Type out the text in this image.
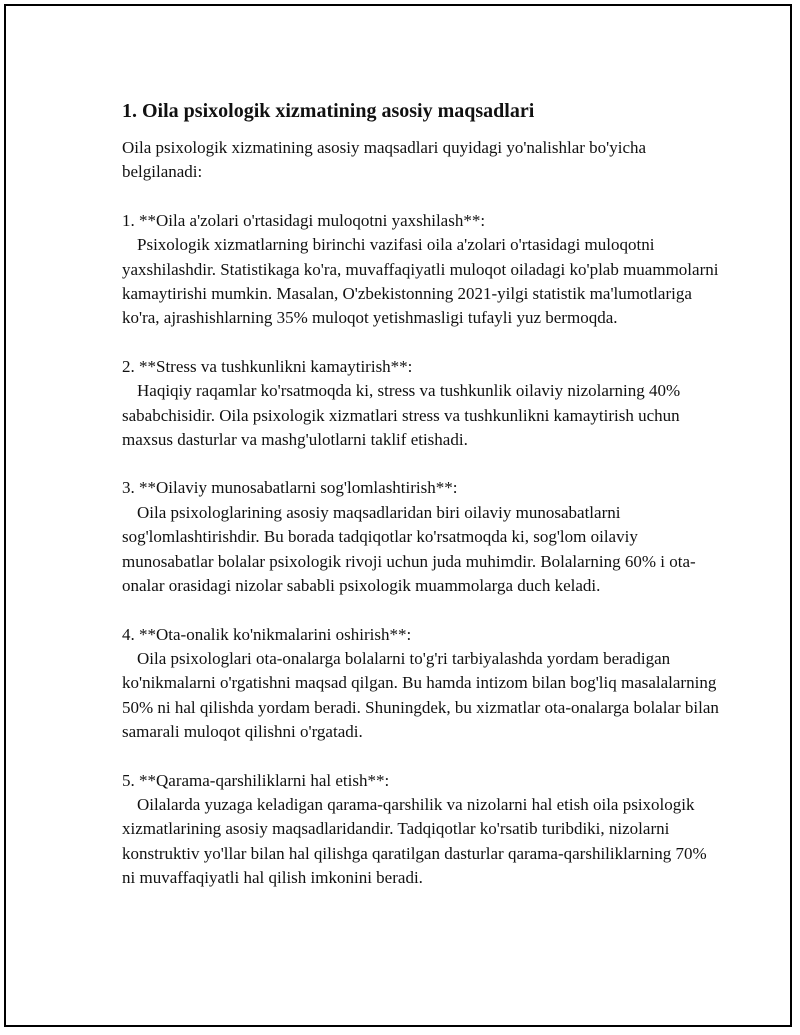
1. Oila psixologik xizmatining asosiy maqsadlari

Oila psixologik xizmatining asosiy maqsadlari quyidagi yo'nalishlar bo'yicha belgilanadi:

1. **Oila a'zolari o'rtasidagi muloqotni yaxshilash**:
Psixologik xizmatlarning birinchi vazifasi oila a'zolari o'rtasidagi muloqotni yaxshilashdir. Statistikaga ko'ra, muvaffaqiyatli muloqot oiladagi ko'plab muammolarni kamaytirishi mumkin. Masalan, O'zbekistonning 2021-yilgi statistik ma'lumotlariga ko'ra, ajrashishlarning 35% muloqot yetishmasligi tufayli yuz bermoqda.
2. **Stress va tushkunlikni kamaytirish**:
Haqiqiy raqamlar ko'rsatmoqda ki, stress va tushkunlik oilaviy nizolarning 40% sababchisidir. Oila psixologik xizmatlari stress va tushkunlikni kamaytirish uchun maxsus dasturlar va mashg'ulotlarni taklif etishadi.
3. **Oilaviy munosabatlarni sog'lomlashtirish**:
Oila psixologlarining asosiy maqsadlaridan biri oilaviy munosabatlarni sog'lomlashtirishdir. Bu borada tadqiqotlar ko'rsatmoqda ki, sog'lom oilaviy munosabatlar bolalar psixologik rivoji uchun juda muhimdir. Bolalarning 60% i ota-onalar orasidagi nizolar sababli psixologik muammolarga duch keladi.
4. **Ota-onalik ko'nikmalarini oshirish**:
Oila psixologlari ota-onalarga bolalarni to'g'ri tarbiyalashda yordam beradigan ko'nikmalarni o'rgatishni maqsad qilgan. Bu hamda intizom bilan bog'liq masalalarning 50% ni hal qilishda yordam beradi. Shuningdek, bu xizmatlar ota-onalarga bolalar bilan samarali muloqot qilishni o'rgatadi.
5. **Qarama-qarshiliklarni hal etish**:
Oilalarda yuzaga keladigan qarama-qarshilik va nizolarni hal etish oila psixologik xizmatlarining asosiy maqsadlaridandir. Tadqiqotlar ko'rsatib turibdiki, nizolarni konstruktiv yo'llar bilan hal qilishga qaratilgan dasturlar qarama-qarshiliklarning 70% ni muvaffaqiyatli hal qilish imkonini beradi.
